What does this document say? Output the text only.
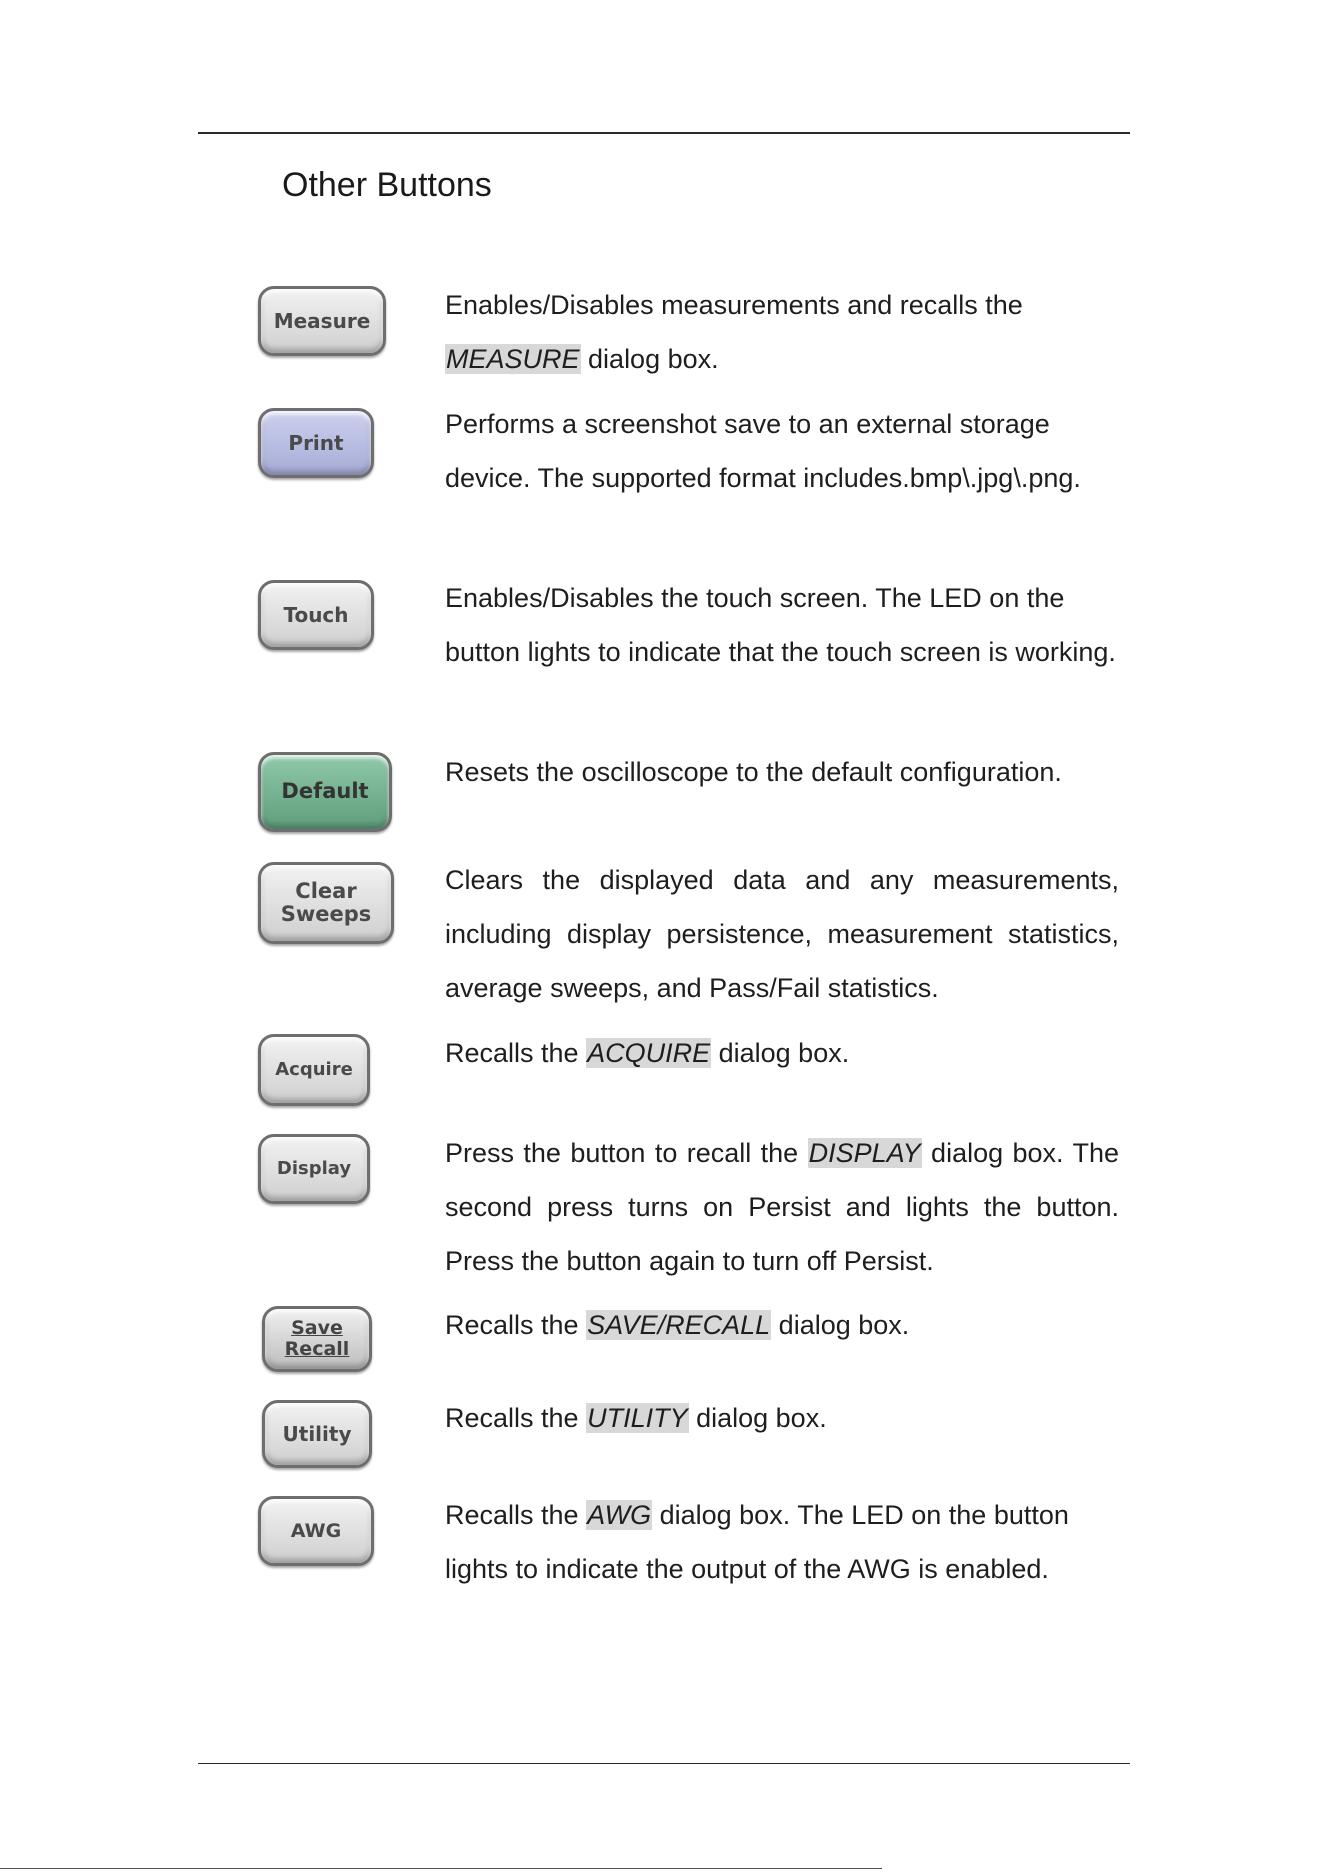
Other Buttons
Measure

Enables/Disables measurements and recalls the MEASURE dialog box.

Print

Performs a screenshot save to an external storage device. The supported format includes.bmp\.jpg\.png.

Touch

Enables/Disables the touch screen. The LED on the button lights to indicate that the touch screen is working.

Default

Resets the oscilloscope to the default configuration.

Clear
Sweeps

Clears the displayed data and any measurements, including display persistence, measurement statistics, average sweeps, and Pass/Fail statistics.

Acquire

Recalls the ACQUIRE dialog box.

Display

Press the button to recall the DISPLAY dialog box. The second press turns on Persist and lights the button. Press the button again to turn off Persist.

Save
Recall

Recalls the SAVE/RECALL dialog box.

Utility

Recalls the UTILITY dialog box.

AWG

Recalls the AWG dialog box. The LED on the button lights to indicate the output of the AWG is enabled.
